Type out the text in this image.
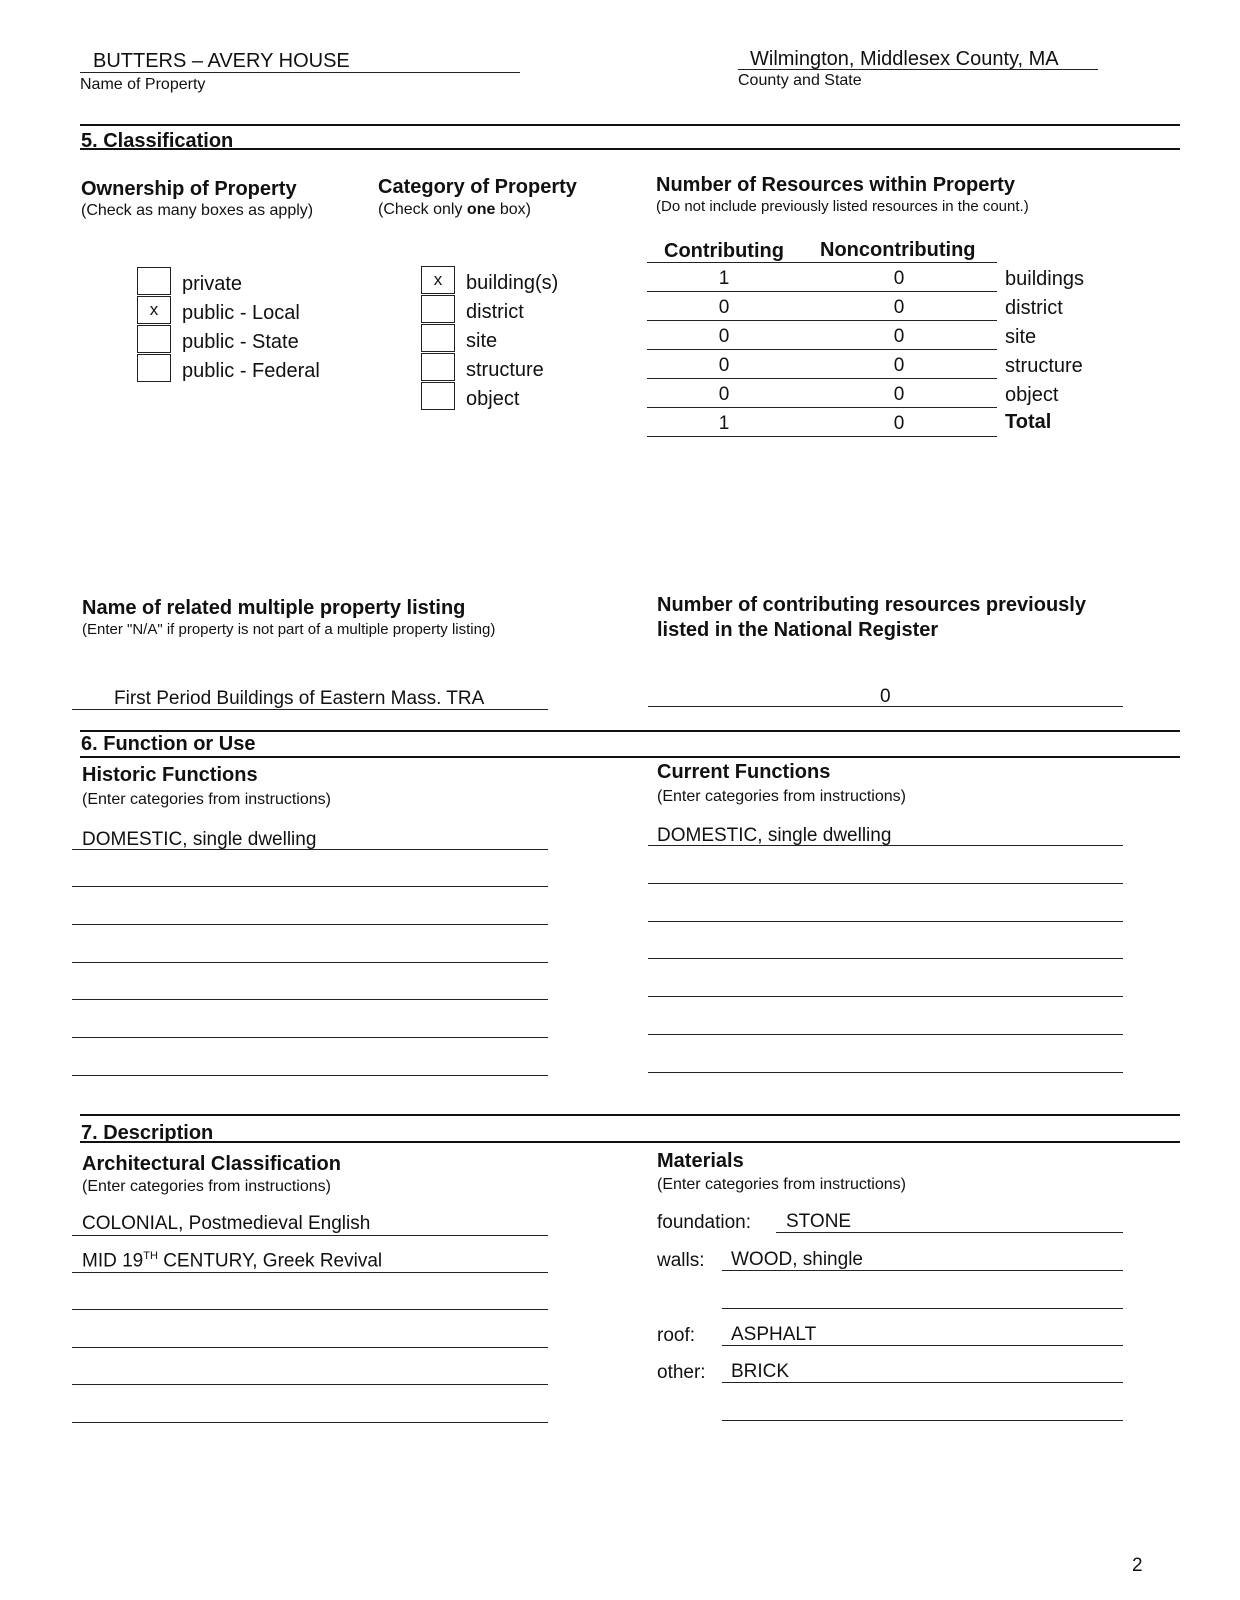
BUTTERS – AVERY HOUSE
Name of Property
Wilmington, Middlesex County, MA
County and State
5. Classification
Ownership of Property
(Check as many boxes as apply)
private
x	public - Local
public - State
public - Federal
Category of Property
(Check only one box)
x	building(s)
district
site
structure
object
Number of Resources within Property
(Do not include previously listed resources in the count.)
Contributing Noncontributing
1	0	buildings
0	0	district
0	0	site
0	0	structure
0	0	object
1	0	Total
Name of related multiple property listing
(Enter "N/A" if property is not part of a multiple property listing)
First Period Buildings of Eastern Mass. TRA
Number of contributing resources previously
listed in the National Register
0
6. Function or Use
Historic Functions
(Enter categories from instructions)
DOMESTIC, single dwelling
Current Functions
(Enter categories from instructions)
DOMESTIC, single dwelling
7. Description
Architectural Classification
(Enter categories from instructions)
COLONIAL, Postmedieval English
MID 19TH CENTURY, Greek Revival
Materials
(Enter categories from instructions)
foundation: STONE
walls: WOOD, shingle
roof: ASPHALT
other: BRICK
2
